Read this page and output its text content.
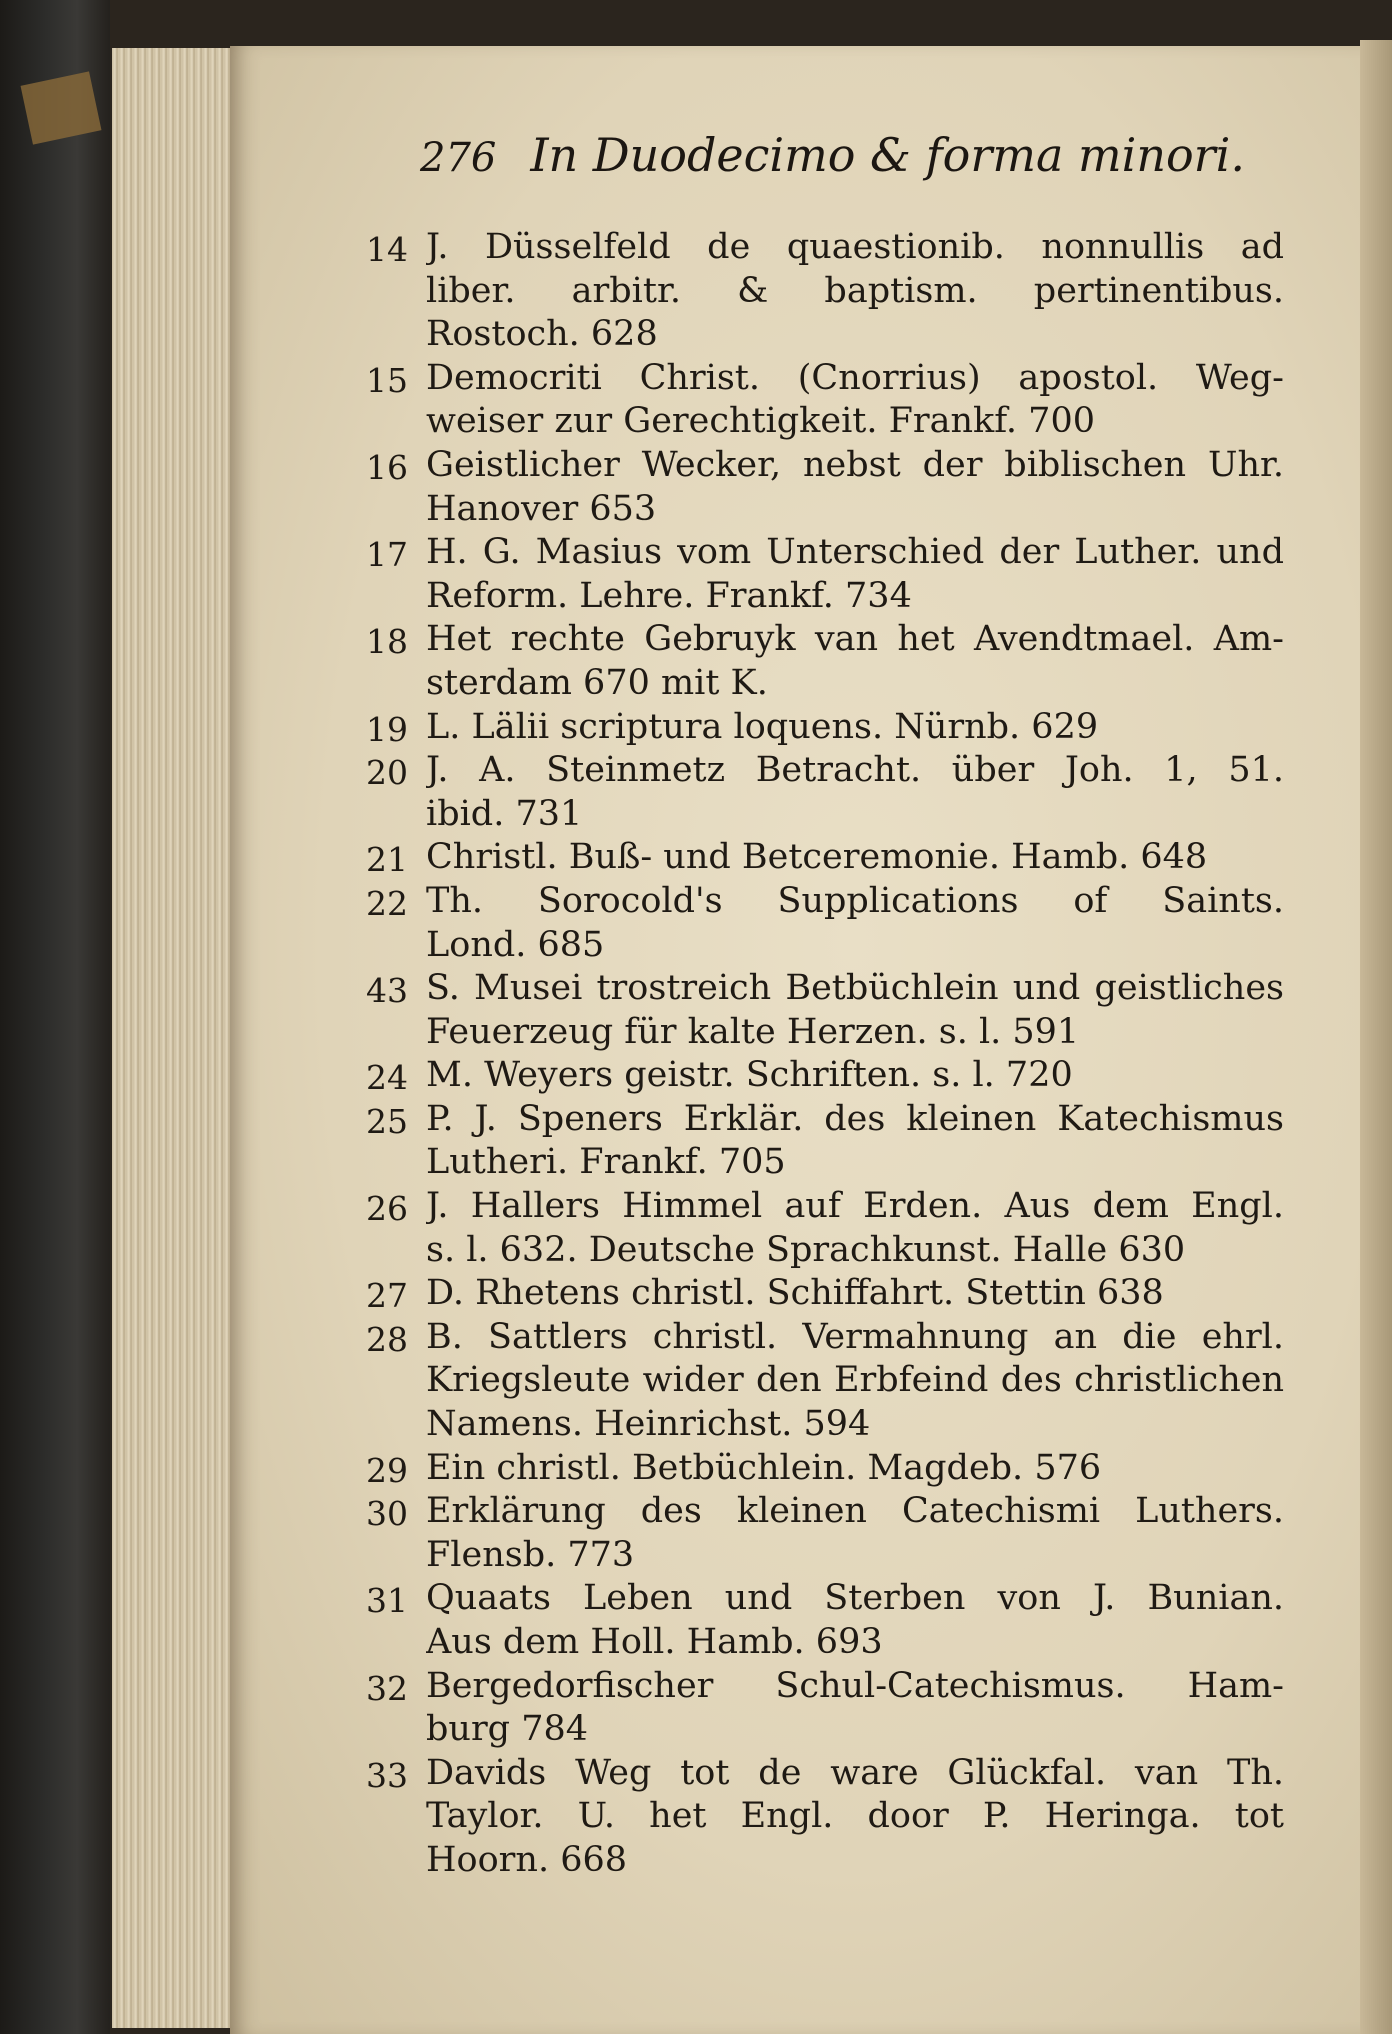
276 In Duodecimo & forma minori.
14 J. Düsselfeld de quaestionib. nonnullis ad
liber. arbitr. & baptism. pertinentibus.
Rostoch. 628
15 Democriti Christ. (Cnorrius) apostol. Weg-
weiser zur Gerechtigkeit. Frankf. 700
16 Geistlicher Wecker, nebst der biblischen Uhr.
Hanover 653
17 H. G. Masius vom Unterschied der Luther. und
Reform. Lehre. Frankf. 734
18 Het rechte Gebruyk van het Avendtmael. Am-
sterdam 670 mit K.
19 L. Lälii scriptura loquens. Nürnb. 629
20 J. A. Steinmetz Betracht. über Joh. 1, 51.
ibid. 731
21 Christl. Buß- und Betceremonie. Hamb. 648
22 Th. Sorocold's Supplications of Saints.
Lond. 685
43 S. Musei trostreich Betbüchlein und geistliches
Feuerzeug für kalte Herzen. s. l. 591
24 M. Weyers geistr. Schriften. s. l. 720
25 P. J. Speners Erklär. des kleinen Katechismus
Lutheri. Frankf. 705
26 J. Hallers Himmel auf Erden. Aus dem Engl.
s. l. 632. Deutsche Sprachkunst. Halle 630
27 D. Rhetens christl. Schiffahrt. Stettin 638
28 B. Sattlers christl. Vermahnung an die ehrl.
Kriegsleute wider den Erbfeind des christlichen
Namens. Heinrichst. 594
29 Ein christl. Betbüchlein. Magdeb. 576
30 Erklärung des kleinen Catechismi Luthers.
Flensb. 773
31 Quaats Leben und Sterben von J. Bunian.
Aus dem Holl. Hamb. 693
32 Bergedorfischer Schul-Catechismus. Ham-
burg 784
33 Davids Weg tot de ware Glückfal. van Th.
Taylor. U. het Engl. door P. Heringa. tot
Hoorn. 668
